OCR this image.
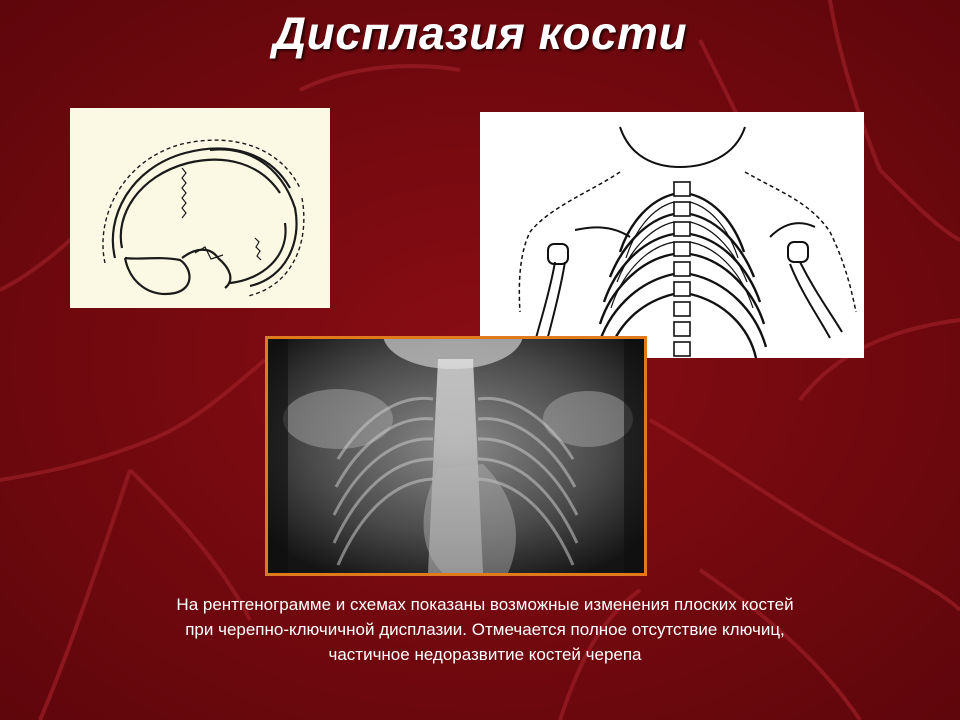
Дисплазия кости
На рентгенограмме и схемах показаны возможные изменения плоских костей
при черепно-ключичной дисплазии. Отмечается полное отсутствие ключиц,
частичное недоразвитие костей черепа
